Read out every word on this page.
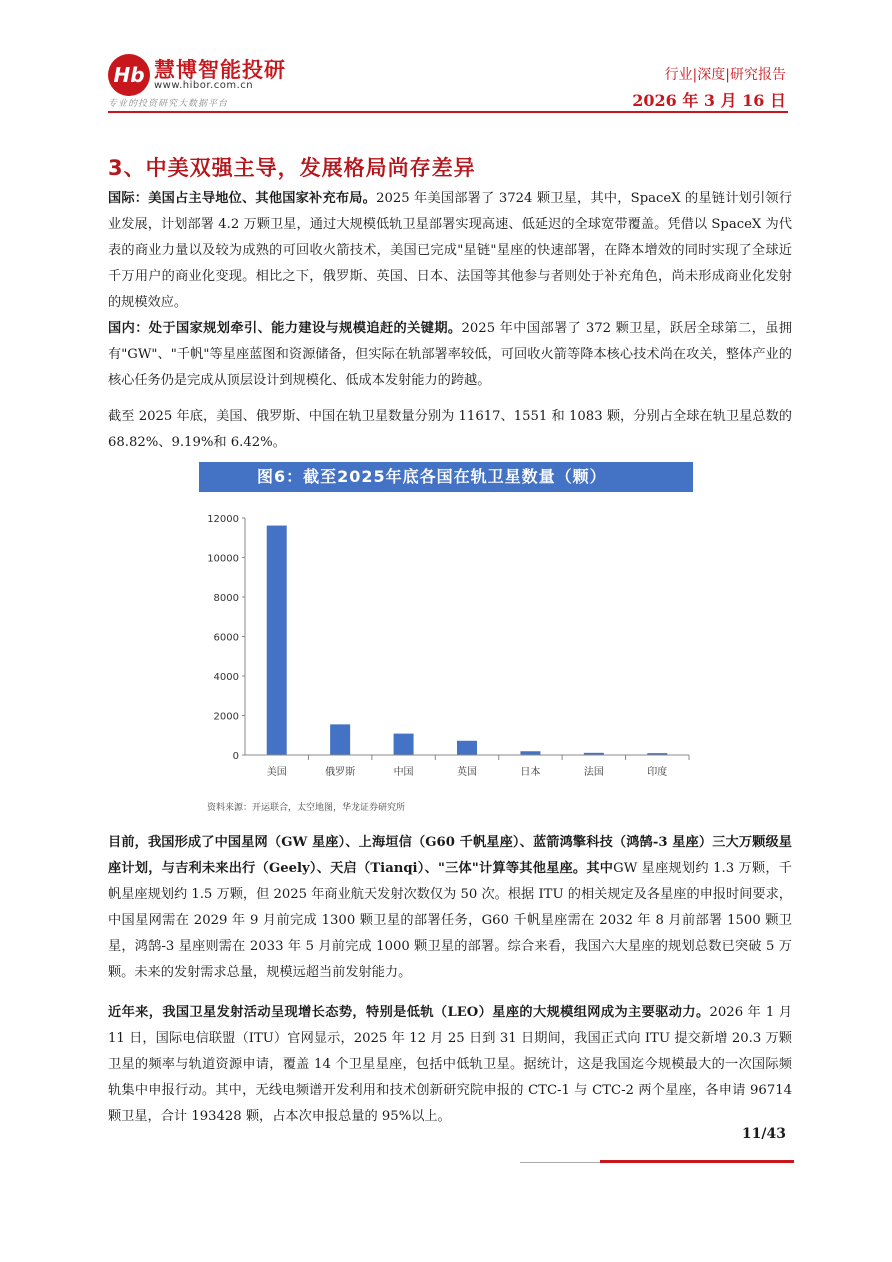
Hb 慧博智能投研
www.hibor.com.cn
专业的投资研究大数据平台
行业|深度|研究报告
2026 年 3 月 16 日
3、中美双强主导，发展格局尚存差异
国际：美国占主导地位、其他国家补充布局。2025 年美国部署了 3724 颗卫星，其中，SpaceX 的星链计划引领行业发展，计划部署 4.2 万颗卫星，通过大规模低轨卫星部署实现高速、低延迟的全球宽带覆盖。凭借以 SpaceX 为代表的商业力量以及较为成熟的可回收火箭技术，美国已完成"星链"星座的快速部署，在降本增效的同时实现了全球近千万用户的商业化变现。相比之下，俄罗斯、英国、日本、法国等其他参与者则处于补充角色，尚未形成商业化发射的规模效应。
国内：处于国家规划牵引、能力建设与规模追赶的关键期。2025 年中国部署了 372 颗卫星，跃居全球第二，虽拥有"GW"、"千帆"等星座蓝图和资源储备，但实际在轨部署率较低，可回收火箭等降本核心技术尚在攻关，整体产业的核心任务仍是完成从顶层设计到规模化、低成本发射能力的跨越。
截至 2025 年底，美国、俄罗斯、中国在轨卫星数量分别为 11617、1551 和 1083 颗，分别占全球在轨卫星总数的 68.82%、9.19%和 6.42%。
图6：截至2025年底各国在轨卫星数量（颗）
0
2000
4000
6000
8000
10000
12000
美国	俄罗斯	中国	英国	日本	法国	印度
资料来源：开运联合，太空地图，华龙证券研究所
目前，我国形成了中国星网（GW 星座）、上海垣信（G60 千帆星座）、蓝箭鸿擎科技（鸿鹄-3 星座）三大万颗级星座计划，与吉利未来出行（Geely）、天启（Tianqi）、"三体"计算等其他星座。其中GW 星座规划约 1.3 万颗，千帆星座规划约 1.5 万颗，但 2025 年商业航天发射次数仅为 50 次。根据 ITU 的相关规定及各星座的申报时间要求，中国星网需在 2029 年 9 月前完成 1300 颗卫星的部署任务，G60 千帆星座需在 2032 年 8 月前部署 1500 颗卫星，鸿鹄-3 星座则需在 2033 年 5 月前完成 1000 颗卫星的部署。综合来看，我国六大星座的规划总数已突破 5 万颗。未来的发射需求总量，规模远超当前发射能力。
近年来，我国卫星发射活动呈现增长态势，特别是低轨（LEO）星座的大规模组网成为主要驱动力。2026 年 1 月 11 日，国际电信联盟（ITU）官网显示，2025 年 12 月 25 日到 31 日期间，我国正式向 ITU 提交新增 20.3 万颗卫星的频率与轨道资源申请，覆盖 14 个卫星星座，包括中低轨卫星。据统计，这是我国迄今规模最大的一次国际频轨集中申报行动。其中，无线电频谱开发利用和技术创新研究院申报的 CTC-1 与 CTC-2 两个星座，各申请 96714 颗卫星，合计 193428 颗，占本次申报总量的 95%以上。
11/43
